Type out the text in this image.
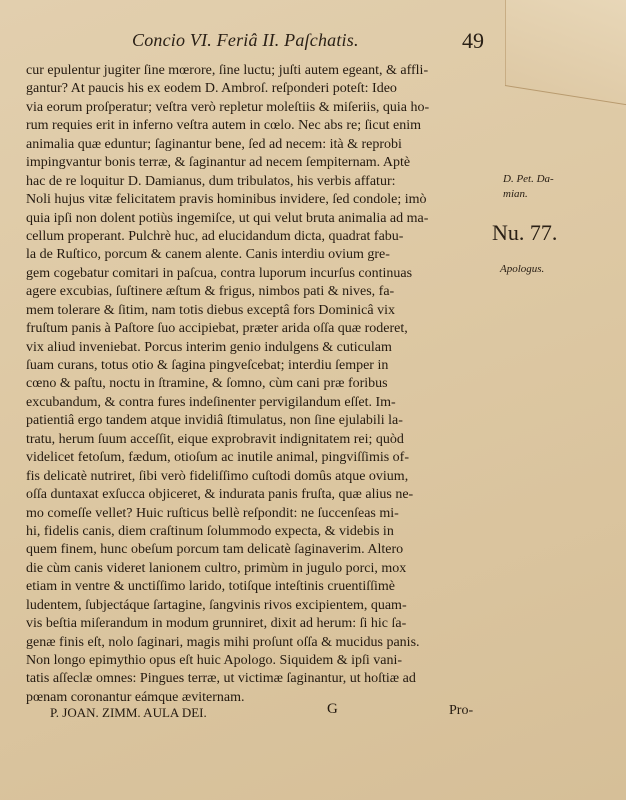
Concio VI. Feriâ II. Paſchatis.	49
cur epulentur jugiter ſine mœrore, ſine luctu; juſti autem egeant, & affli-
gantur? At paucis his ex eodem D. Ambroſ. reſponderi poteſt: Ideo
via eorum proſperatur; veſtra verò repletur moleſtiis & miſeriis, quia ho-
rum requies erit in inferno veſtra autem in cœlo. Nec abs re; ſicut enim
animalia quæ eduntur; ſaginantur bene, ſed ad necem: ità & reprobi
impingvantur bonis terræ, & ſaginantur ad necem ſempiternam. Aptè
hac de re loquitur D. Damianus, dum tribulatos, his verbis affatur:
Noli hujus vitæ felicitatem pravis hominibus invidere, ſed condole; imò
quia ipſi non dolent potiùs ingemiſce, ut qui velut bruta animalia ad ma-
cellum properant. Pulchrè huc, ad elucidandum dicta, quadrat fabu-
la de Ruſtico, porcum & canem alente. Canis interdiu ovium gre-
gem cogebatur comitari in paſcua, contra luporum incurſus continuas
agere excubias, ſuſtinere æſtum & frigus, nimbos pati & nives, fa-
mem tolerare & ſitim, nam totis diebus exceptâ fors Dominicâ vix
fruſtum panis à Paſtore ſuo accipiebat, præter arida oſſa quæ roderet,
vix aliud inveniebat. Porcus interim genio indulgens & cuticulam
ſuam curans, totus otio & ſagina pingveſcebat; interdiu ſemper in
cœno & paſtu, noctu in ſtramine, & ſomno, cùm cani præ foribus
excubandum, & contra fures indeſinenter pervigilandum eſſet. Im-
patientiâ ergo tandem atque invidiâ ſtimulatus, non ſine ejulabili la-
tratu, herum ſuum acceſſit, eique exprobravit indignitatem rei; quòd
videlicet fetoſum, fædum, otioſum ac inutile animal, pingviſſimis of-
fis delicatè nutriret, ſibi verò fideliſſimo cuſtodi domûs atque ovium,
oſſa duntaxat exſucca objiceret, & indurata panis fruſta, quæ alius ne-
mo comeſſe vellet? Huic ruſticus bellè reſpondit: ne ſuccenſeas mi-
hi, fidelis canis, diem craſtinum ſolummodo expecta, & videbis in
quem finem, hunc obeſum porcum tam delicatè ſaginaverim. Altero
die cùm canis videret lanionem cultro, primùm in jugulo porci, mox
etiam in ventre & unctiſſimo larido, totiſque inteſtinis cruentiſſimè
ludentem, ſubjectáque ſartagine, ſangvinis rivos excipientem, quam-
vis beſtia miſerandum in modum grunniret, dixit ad herum: ſi hic ſa-
genæ finis eſt, nolo ſaginari, magis mihi proſunt oſſa & mucidus panis.
Non longo epimythio opus eſt huic Apologo. Siquidem & ipſi vani-
tatis aſſeclæ omnes: Pingues terræ, ut victimæ ſaginantur, ut hoſtiæ ad
pœnam coronantur eámque æviternam.
D. Pet. Da-
mian.
Nu. 77.
Apologus.
P. JOAN. ZIMM. AULA DEI.	G	Pro-
